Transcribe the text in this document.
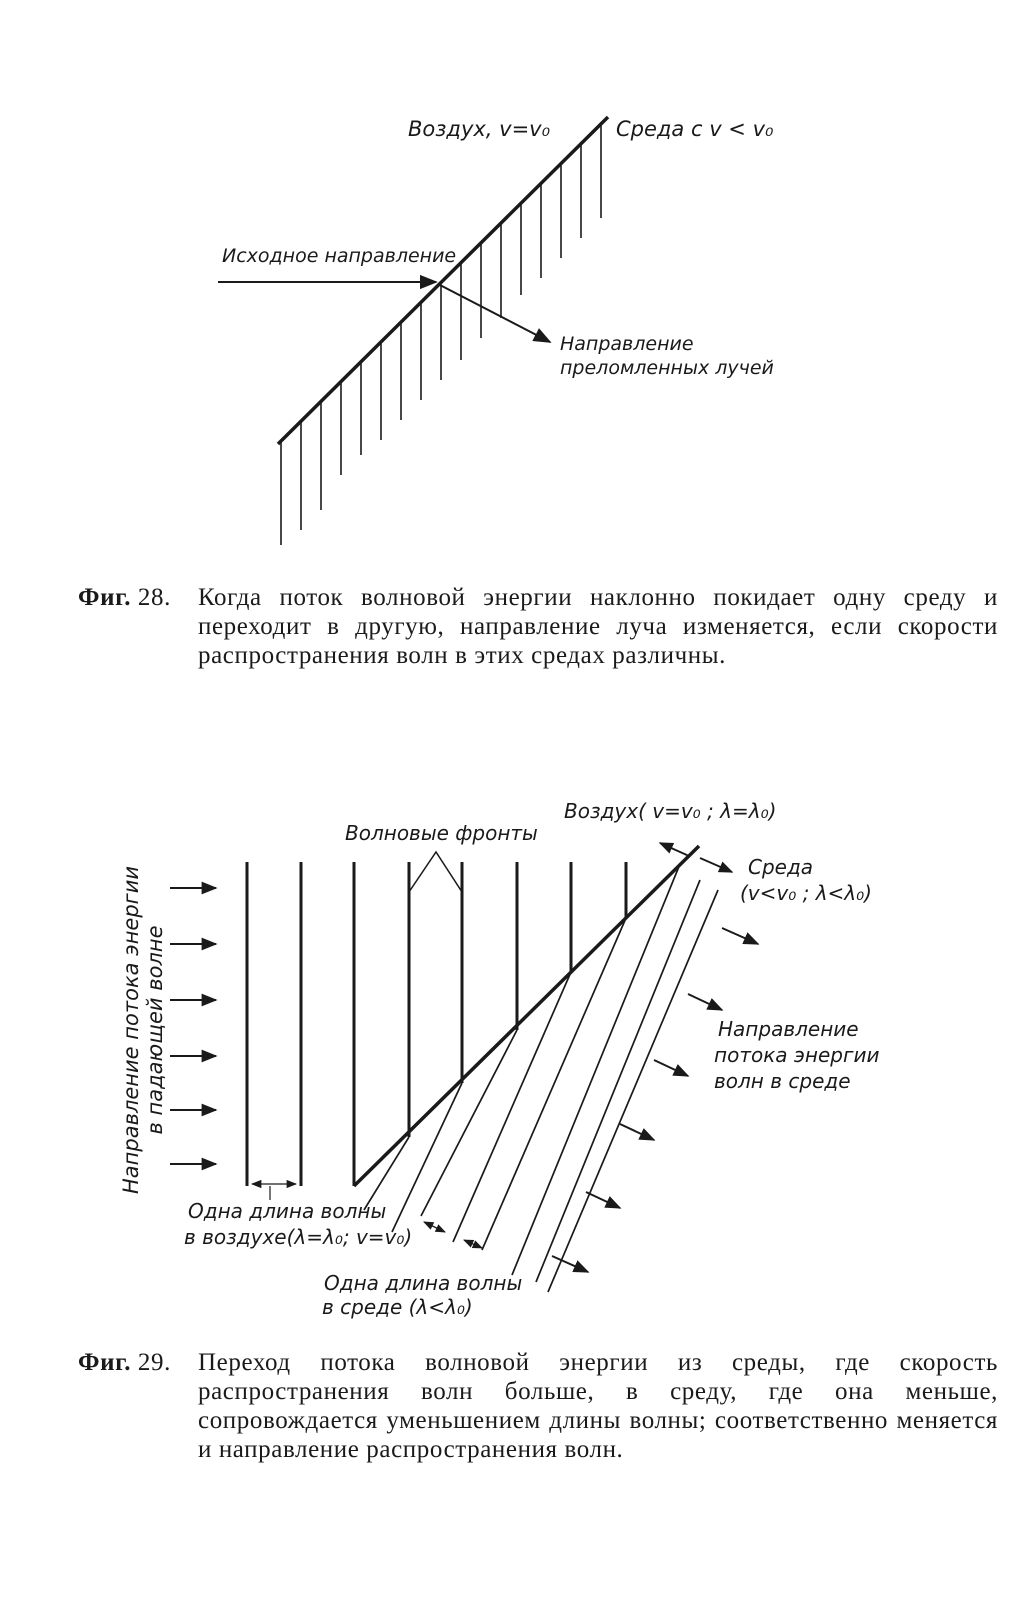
Воздух, v=v₀	Среда с v < v₀
Исходное направление
Направление
преломленных лучей
Фиг. 28. Когда поток волновой энергии наклонно покидает одну среду и переходит в другую, направление луча изменяется, если скорости распространения волн в этих средах различны.
Направление потока энергии в падающей волне
Воздух( v=v₀ ; λ=λ₀)
Волновые фронты
Среда
(v<v₀ ; λ<λ₀)
Направление
потока энергии
волн в среде
Одна длина волны
в воздухе(λ=λ₀; v=v₀)
Одна длина волны
в среде (λ<λ₀)
Фиг. 29. Переход потока волновой энергии из среды, где скорость распространения волн больше, в среду, где она меньше, сопровождается уменьшением длины волны; соответственно меняется и направление распространения волн.
